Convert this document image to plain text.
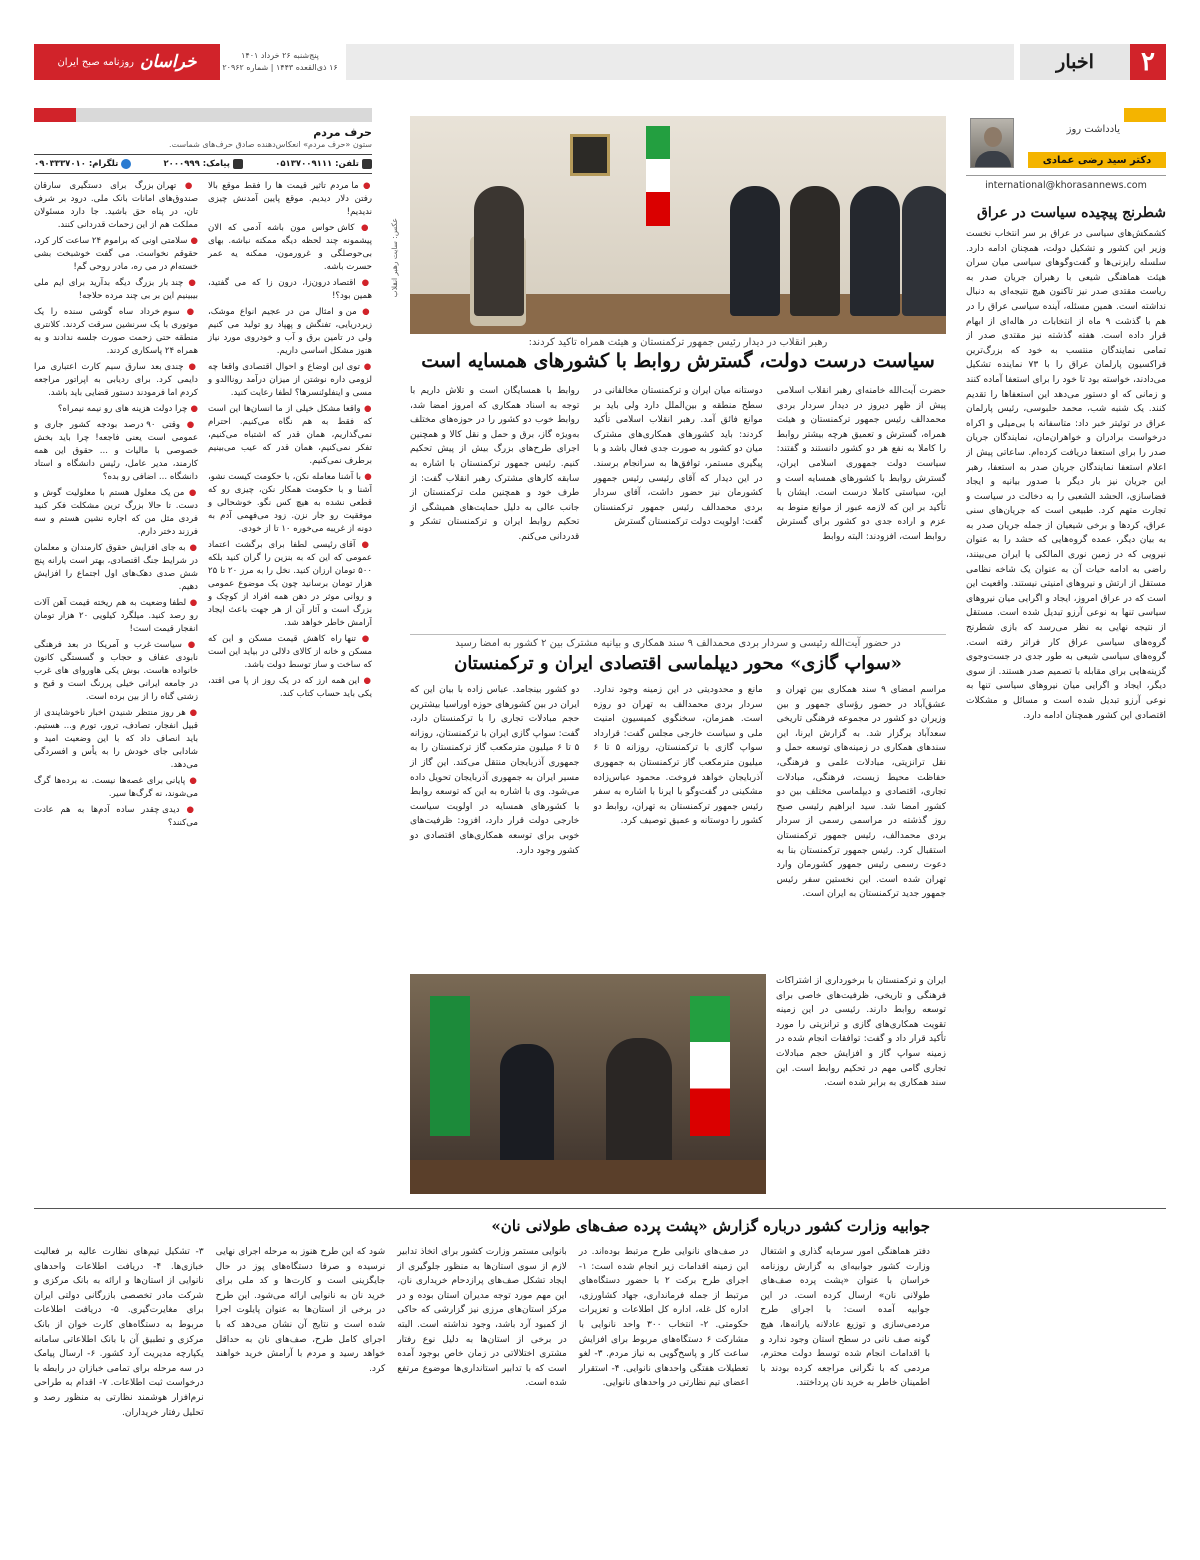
۲
اخبار
پنج‌شنبه ۲۶ خرداد ۱۴۰۱
۱۶ ذی‌القعده ۱۴۴۳ | شماره ۲۰۹۶۲
خراسان
روزنامه صبح ایران
یادداشت روز
دکتر سید رضی عمادی
international@khorasannews.com
شطرنج پیچیده سیاست در عراق
کشمکش‌های سیاسی در عراق بر سر انتخاب نخست وزیر این کشور و تشکیل دولت، همچنان ادامه دارد. سلسله رایزنی‌ها و گفت‌وگوهای سیاسی میان سران هیئت هماهنگی شیعی با رهبران جریان صدر به ریاست مقتدی صدر نیز تاکنون هیچ نتیجه‌ای به دنبال نداشته است. همین مسئله، آینده سیاسی عراق را در هم با گذشت ۹ ماه از انتخابات در هاله‌ای از ابهام قرار داده است. هفته گذشته نیز مقتدی صدر از تمامی نمایندگان منتسب به خود که بزرگ‌ترین فراکسیون پارلمان عراق را با ۷۳ نماینده تشکیل می‌دادند، خواسته بود تا خود را برای استعفا آماده کنند و زمانی که او دستور می‌دهد این استعفاها را تقدیم کنند. یک شنبه شب، محمد حلبوسی، رئیس پارلمان عراق در توئیتر خبر داد: متاسفانه با بی‌میلی و اکراه درخواست برادران و خواهران‌مان، نمایندگان جریان صدر را برای استعفا دریافت کرده‌ام. ساعاتی پیش از اعلام استعفا نمایندگان جریان صدر به استعفا، رهبر این جریان نیز بار دیگر با صدور بیانیه و ایجاد فضاسازی، الحشد الشعبی را به دخالت در سیاست و تجارت متهم کرد. طبیعی است که جریان‌های سنی عراق، کردها و برخی شیعیان از جمله جریان صدر به به بیان دیگر، عمده گروه‌هایی که حشد را به عنوان نیرویی که در زمین نوری المالکی یا ایران می‌بینند، راضی به ادامه حیات آن به عنوان یک شاخه نظامی مستقل از ارتش و نیروهای امنیتی نیستند. واقعیت این است که در عراق امروز، ایجاد و اگرایی میان نیروهای سیاسی تنها به نوعی آرزو تبدیل شده است. مستقل از نتیجه نهایی به نظر می‌رسد که بازی شطرنج گروه‌های سیاسی عراق کار فراتر رفته است. گروه‌های سیاسی شیعی به طور جدی در جست‌وجوی گزینه‌هایی برای مقابله با تصمیم صدر هستند. از سوی دیگر، ایجاد و اگرایی میان نیروهای سیاسی تنها به نوعی آرزو تبدیل شده است و مسائل و مشکلات اقتصادی این کشور همچنان ادامه دارد.
حرف مردم
ستون «حرف مردم» انعکاس‌دهنده صادق حرف‌های شماست.
تلفن: ۰۵۱۳۷۰۰۹۱۱۱
پیامک: ۲۰۰۰۹۹۹
تلگرام: ۰۹۰۳۳۳۷۰۱۰

● ما مردم تاثیر قیمت ها را فقط موقع بالا رفتن دلار دیدیم. موقع پایین آمدنش چیزی ندیدیم!

● کاش حواس مون باشه آدمی که الان پیشمونه چند لحظه دیگه ممکنه نباشه. بهای بی‌حوصلگی و غرورمون، ممکنه یه عمر حسرت باشه.

● اقتصاد درون‌زا، درون زا که می گفتید، همین بود؟!

● من و امثال من در عجیم انواع موشک، زیردریایی، تفنگش و پهپاد رو تولید می کنیم ولی در تامین برق و آب و خودروی مورد نیاز هنوز مشکل اساسی داریم.

● توی این اوضاع و احوال اقتصادی واقعا چه لزومی داره نوشتن از میزان درآمد روناالدو و مسی و اینفلوئنسرها؟ لطفا رعایت کنید.

● واقعا مشکل خیلی از ما انسان‌ها این است که فقط به هم نگاه می‌کنیم. احترام نمی‌گذاریم، همان قدر که اشتباه می‌کنیم، تفکر نمی‌کنیم، همان قدر که عیب می‌بینیم برطرف نمی‌کنیم.

● با آشنا معامله نکن، با حکومت کیست نشو، آشنا و با حکومت همکار نکن، چیزی رو که قطعی نشده به هیچ کس نگو. خوشحالی و موفقیت رو جار نزن. زود می‌فهمی آدم به دونه از غریبه می‌خوره ۱۰ تا از خودی.

● آقای رئیسی لطفا برای برگشت اعتماد عمومی که این که به بنزین را گران کنید بلکه ۵۰۰ تومان ارزان کنید. نخل را به مرز ۲۰ تا ۲۵ هزار تومان برسانید چون یک موضوع عمومی و روانی موثر در دهن همه افراد از کوچک و بزرگ است و آثار آن از هر جهت باعث ایجاد آرامش خاطر خواهد شد.

● تنها راه کاهش قیمت مسکن و این که مسکن و خانه از کالای دلالی در بیاید این است که ساخت و ساز توسط دولت باشد.

● این همه ارز که در یک روز از پا می افتد، یکی باید حساب کتاب کند.

● تهران بزرگ برای دستگیری سارقان صندوق‌های امانات بانک ملی. درود بر شرف تان، در پناه حق باشید. جا دارد مسئولان مملکت هم از این زحمات قدردانی کنند.

● سلامتی اونی که براموم ۲۴ ساعت کار کرد، حقوقم نخواست. می گفت خوشبخت بشی خسته‌ام در می ره، مادر روحی گم!

● چند بار بزرگ دیگه بدآرید برای ایم ملی بیبینیم این بر بی چند مرده حلاجه!

● سوم خرداد ساه گوشی سنده را یک موتوری با یک سرنشین سرقت کردند. کلانتری منطقه حتی زحمت صورت جلسه ندادند و به همراه ۲۴ پاسکاری کردند.

● چندی بعد سارق سیم کارت اعتباری مرا دایمی کرد. برای ردیابی به اپراتور مراجعه کردم اما فرمودند دستور قضایی باید باشد.

● چرا دولت هزینه های رو نیمه نیمراه؟

● وقتی ۹۰ درصد بودجه کشور جاری و عمومی است یعنی فاجعه! چرا باید بخش خصوصی با مالیات و ... حقوق این همه کارمند، مدیر عامل، رئیس دانشگاه و استاد دانشگاه ... اضافی رو بده؟

● من یک معلول هستم با معلولیت گوش و دست. تا حالا بزرگ ترین مشکلت فکر کنید فردی مثل من که اجاره نشین هستم و سه فرزند دختر دارم.

● به جای افزایش حقوق کارمندان و معلمان در شرایط جنگ اقتصادی، بهتر است یارانه پنج شش صدی دهک‌های اول اجتماع را افزایش دهیم.

● لطفا وضعیت به هم ریخته قیمت آهن آلات رو رصد کنید. میلگرد کیلویی ۲۰ هزار تومان انفجار قیمت است!

● سیاست غرب و آمریکا در بعد فرهنگی نابودی عفاف و حجاب و گسستگی کانون خانواده هاست. بوش یکی هاوروای های غرب در جامعه ایرانی خیلی پررنگ است و قیح و زشتی گناه را از بین برده است.

● هر روز منتظر شنیدن اخبار ناخوشایندی از قبیل انفجار، تصادف، ترور، تورم و... هستیم. باید انصاف داد که با این وضعیت امید و شادابی جای خودش را به یأس و افسردگی می‌دهد.

● پایانی برای غصه‌ها نیست. نه برده‌ها گرگ می‌شوند، نه گرگ‌ها سیر.

● دیدی چقدر ساده آدم‌ها به هم عادت می‌کنند؟

عکس: سایت رهبر انقلاب
رهبر انقلاب در دیدار رئیس جمهور ترکمنستان و هیئت همراه تاکید کردند:
سیاست درست دولت، گسترش روابط با کشورهای همسایه است
حضرت آیت‌الله خامنه‌ای رهبر انقلاب اسلامی پیش از ظهر دیروز در دیدار سردار بردی محمدالف رئیس جمهور ترکمنستان و هیئت همراه، گسترش و تعمیق هرچه بیشتر روابط را کاملا به نفع هر دو کشور دانستند و گفتند: سیاست دولت جمهوری اسلامی ایران، گسترش روابط با کشورهای همسایه است و این، سیاستی کاملا درست است. ایشان با تأکید بر این که لازمه عبور از موانع منوط به عزم و اراده جدی دو کشور برای گسترش روابط است، افزودند: البته روابط
دوستانه میان ایران و ترکمنستان مخالفانی در سطح منطقه و بین‌الملل دارد ولی باید بر موانع فائق آمد. رهبر انقلاب اسلامی تأکید کردند: باید کشورهای همکاری‌های مشترک میان دو کشور به صورت جدی فعال باشد و با پیگیری مستمر، توافق‌ها به سرانجام برسند. در این دیدار که آقای رئیسی رئیس جمهور کشورمان نیز حضور داشت، آقای سردار بردی محمدالف رئیس جمهور ترکمنستان گفت: اولویت دولت ترکمنستان گسترش
روابط با همسایگان است و تلاش داریم با توجه به اسناد همکاری که امروز امضا شد، روابط خوب دو کشور را در حوزه‌های مختلف به‌ویژه گاز، برق و حمل و نقل کالا و همچنین اجرای طرح‌های بزرگ بیش از پیش تحکیم کنیم. رئیس جمهور ترکمنستان با اشاره به سابقه کارهای مشترک رهبر انقلاب گفت: از طرف خود و همچنین ملت ترکمنستان از جانب عالی به دلیل حمایت‌های همیشگی از تحکیم روابط ایران و ترکمنستان تشکر و قدردانی می‌کنم.
در حضور آیت‌الله رئیسی و سردار بردی محمدالف ۹ سند همکاری و بیانیه مشترک بین ۲ کشور به امضا رسید
«سواپ گازی» محور دیپلماسی اقتصادی ایران و ترکمنستان
مراسم امضای ۹ سند همکاری بین تهران و عشق‌آباد در حضور رؤسای جمهور و بین وزیران دو کشور در مجموعه فرهنگی تاریخی سعدآباد برگزار شد. به گزارش ایرنا، این سندهای همکاری در زمینه‌های توسعه حمل و نقل ترانزیتی، مبادلات علمی و فرهنگی، حفاظت محیط زیست، فرهنگی، مبادلات تجاری، اقتصادی و دیپلماسی مختلف بین دو کشور امضا شد. سید ابراهیم رئیسی صبح روز گذشته در مراسمی رسمی از سردار بردی محمدالف، رئیس جمهور ترکمنستان استقبال کرد. رئیس جمهور ترکمنستان بنا به دعوت رسمی رئیس جمهور کشورمان وارد تهران شده است. این نخستین سفر رئیس جمهور جدید ترکمنستان به ایران است.
مانع و محدودیتی در این زمینه وجود ندارد. سردار بردی محمدالف به تهران دو روزه است. همزمان، سخنگوی کمیسیون امنیت ملی و سیاست خارجی مجلس گفت: قرارداد سواپ گازی با ترکمنستان، روزانه ۵ تا ۶ میلیون مترمکعب گاز ترکمنستان به جمهوری آذربایجان خواهد فروخت. محمود عباس‌زاده مشکینی در گفت‌وگو با ایرنا با اشاره به سفر رئیس جمهور ترکمنستان به تهران، روابط دو کشور را دوستانه و عمیق توصیف کرد.
دو کشور بینجامد. عباس زاده با بیان این که ایران در بین کشورهای حوزه اوراسیا بیشترین حجم مبادلات تجاری را با ترکمنستان دارد، گفت: سواپ گازی ایران با ترکمنستان، روزانه ۵ تا ۶ میلیون مترمکعب گاز ترکمنستان را به جمهوری آذربایجان منتقل می‌کند. این گاز از مسیر ایران به جمهوری آذربایجان تحویل داده می‌شود. وی با اشاره به این که توسعه روابط با کشورهای همسایه در اولویت سیاست خارجی دولت قرار دارد، افزود: ظرفیت‌های خوبی برای توسعه همکاری‌های اقتصادی دو کشور وجود دارد.
ایران و ترکمنستان با برخورداری از اشتراکات فرهنگی و تاریخی، ظرفیت‌های خاصی برای توسعه روابط دارند. رئیسی در این زمینه تقویت همکاری‌های گازی و ترانزیتی را مورد تأکید قرار داد و گفت: توافقات انجام شده در زمینه سواپ گاز و افزایش حجم مبادلات تجاری گامی مهم در تحکیم روابط است. این سند همکاری به برابر شده است.
جوابیه وزارت کشور درباره گزارش «پشت پرده صف‌های طولانی نان»
دفتر هماهنگی امور سرمایه گذاری و اشتغال وزارت کشور جوابیه‌ای به گزارش روزنامه خراسان با عنوان «پشت پرده صف‌های طولانی نان» ارسال کرده است. در این جوابیه آمده است: با اجرای طرح مردمی‌سازی و توزیع عادلانه یارانه‌ها، هیچ گونه صف نانی در سطح استان وجود ندارد و با اقدامات انجام شده توسط دولت محترم، مردمی که با نگرانی مراجعه کرده بودند با اطمینان خاطر به خرید نان پرداختند.
در صف‌های نانوایی طرح مرتبط بوده‌اند. در این زمینه اقدامات زیر انجام شده است: ۱- اجرای طرح برکت ۲ با حضور دستگاه‌های مرتبط از جمله فرمانداری، جهاد کشاورزی، اداره کل غله، اداره کل اطلاعات و تعزیرات حکومتی. ۲- انتخاب ۳۰۰ واحد نانوایی با مشارکت ۶ دستگاه‌های مربوط برای افزایش ساعت کار و پاسخ‌گویی به نیاز مردم. ۳- لغو تعطیلات هفتگی واحدهای نانوایی. ۴- استقرار اعضای تیم نظارتی در واحدهای نانوایی.
بانوایی مستمر وزارت کشور برای اتخاذ تدابیر لازم از سوی استان‌ها به منظور جلوگیری از ایجاد تشکل صف‌های پرازدحام خریداری نان، این مهم مورد توجه مدیران استان بوده و در مرکز استان‌های مرزی نیز گزارشی که حاکی از کمبود آرد باشد، وجود نداشته است. البته در برخی از استان‌ها به دلیل نوع رفتار مشتری اختلالاتی در زمان خاص بوجود آمده است که با تدابیر استانداری‌ها موضوع مرتفع شده است.
شود که این طرح هنوز به مرحله اجرای نهایی نرسیده و صرفا دستگاه‌های پوز در حال جایگزینی است و کارت‌ها و کد ملی برای خرید نان به نانوایی ارائه می‌شود. این طرح در برخی از استان‌ها به عنوان پایلوت اجرا شده است و نتایج آن نشان می‌دهد که با اجرای کامل طرح، صف‌های نان به حداقل خواهد رسید و مردم با آرامش خرید خواهند کرد.
۳- تشکیل تیم‌های نظارت عالیه بر فعالیت خبازی‌ها. ۴- دریافت اطلاعات واحدهای نانوایی از استان‌ها و ارائه به بانک مرکزی و شرکت مادر تخصصی بازرگانی دولتی ایران برای مغایرت‌گیری. ۵- دریافت اطلاعات مربوط به دستگاه‌های کارت خوان از بانک مرکزی و تطبیق آن با بانک اطلاعاتی سامانه یکپارچه مدیریت آرد کشور. ۶- ارسال پیامک در سه مرحله برای تمامی خبازان در رابطه با درخواست ثبت اطلاعات. ۷- اقدام به طراحی نرم‌افزار هوشمند نظارتی به منظور رصد و تحلیل رفتار خریداران.
